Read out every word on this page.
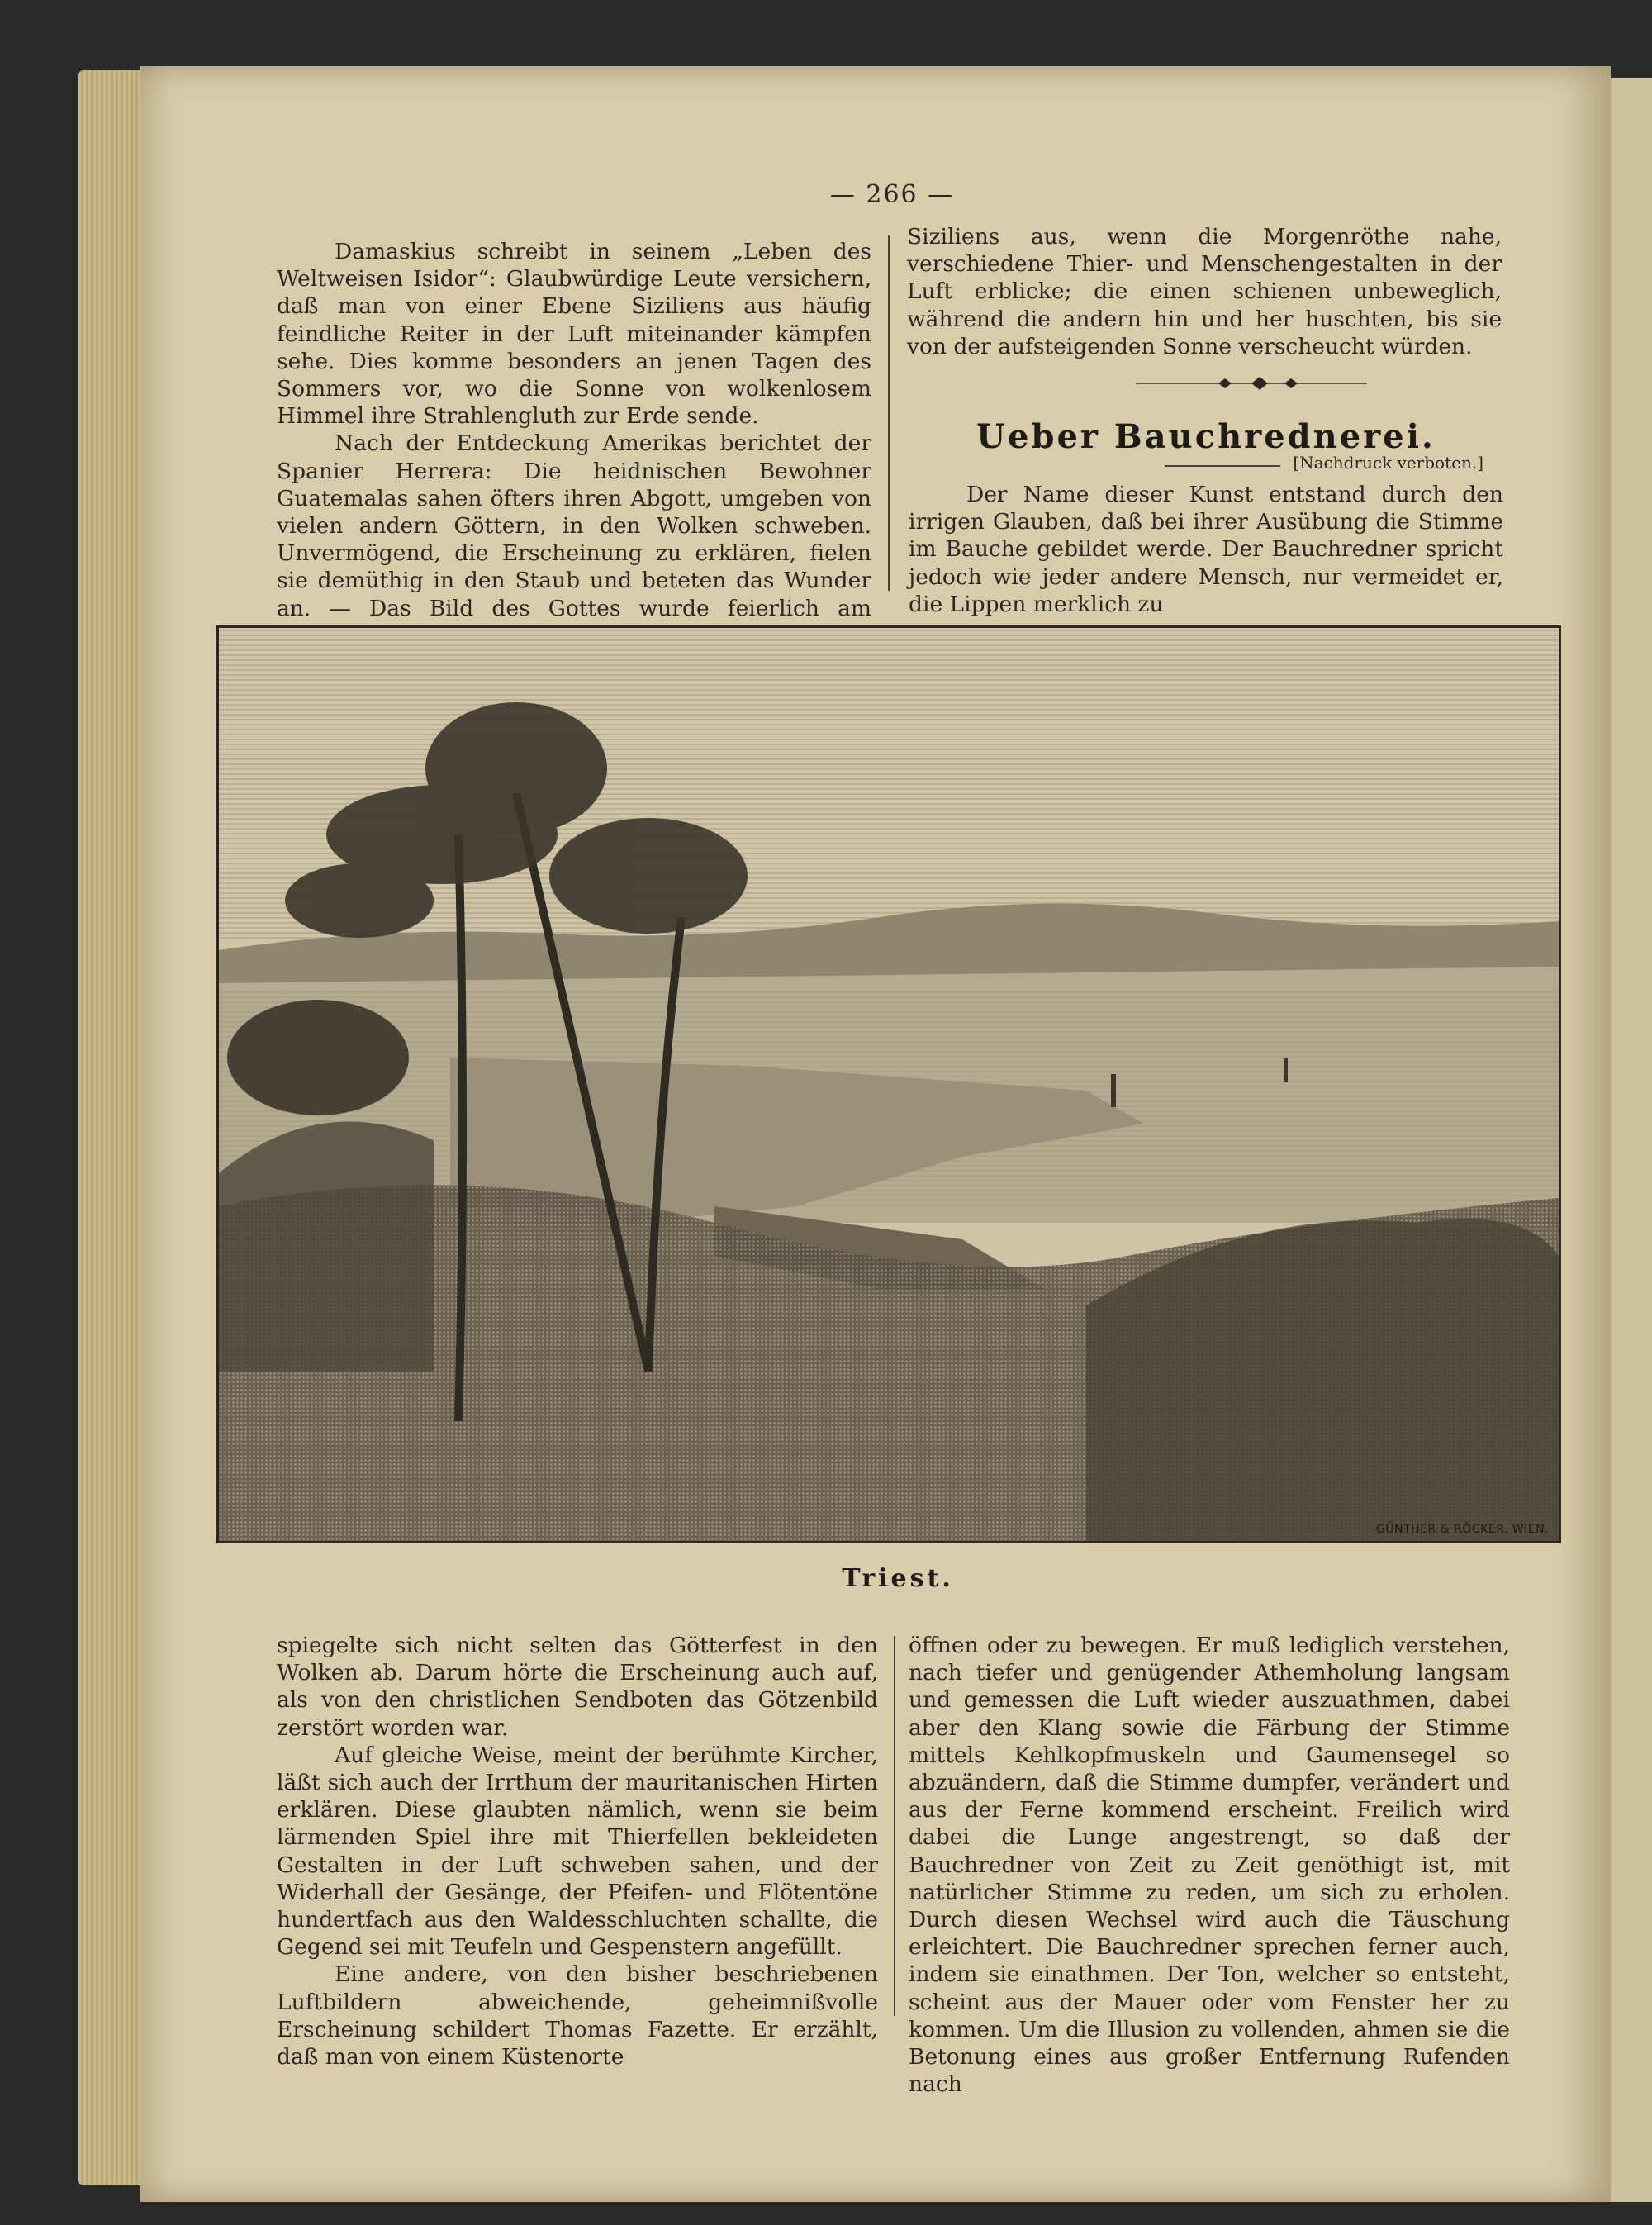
— 266 —

Damaskius schreibt in seinem „Leben des Weltweisen Isidor“: Glaubwürdige Leute versichern, daß man von einer Ebene Siziliens aus häufig feindliche Reiter in der Luft miteinander kämpfen sehe. Dies komme besonders an jenen Tagen des Sommers vor, wo die Sonne von wolkenlosem Himmel ihre Strahlengluth zur Erde sende.

Nach der Entdeckung Amerikas berichtet der Spanier Herrera: Die heidnischen Bewohner Guatemalas sahen öfters ihren Abgott, umgeben von vielen andern Göttern, in den Wolken schweben. Unvermögend, die Erscheinung zu erklären, fielen sie demüthig in den Staub und beteten das Wunder an. — Das Bild des Gottes wurde feierlich am

Siziliens aus, wenn die Morgenröthe nahe, verschiedene Thier- und Menschengestalten in der Luft erblicke; die einen schienen unbeweglich, während die andern hin und her huschten, bis sie von der aufsteigenden Sonne verscheucht würden.

Ueber Bauchrednerei.
[Nachdruck verboten.]

Der Name dieser Kunst entstand durch den irrigen Glauben, daß bei ihrer Ausübung die Stimme im Bauche gebildet werde. Der Bauchredner spricht jedoch wie jeder andere Mensch, nur vermeidet er, die Lippen merklich zu

GÜNTHER & RÖCKER. WIEN.
Triest.

spiegelte sich nicht selten das Götterfest in den Wolken ab. Darum hörte die Erscheinung auch auf, als von den christlichen Sendboten das Götzenbild zerstört worden war.

Auf gleiche Weise, meint der berühmte Kircher, läßt sich auch der Irrthum der mauritanischen Hirten erklären. Diese glaubten nämlich, wenn sie beim lärmenden Spiel ihre mit Thierfellen bekleideten Gestalten in der Luft schweben sahen, und der Widerhall der Gesänge, der Pfeifen- und Flötentöne hundertfach aus den Waldesschluchten schallte, die Gegend sei mit Teufeln und Gespenstern angefüllt.

Eine andere, von den bisher beschriebenen Luftbildern abweichende, geheimnißvolle Erscheinung schildert Thomas Fazette. Er erzählt, daß man von einem Küstenorte

öffnen oder zu bewegen. Er muß lediglich verstehen, nach tiefer und genügender Athemholung langsam und gemessen die Luft wieder auszuathmen, dabei aber den Klang sowie die Färbung der Stimme mittels Kehlkopfmuskeln und Gaumensegel so abzuändern, daß die Stimme dumpfer, verändert und aus der Ferne kommend erscheint. Freilich wird dabei die Lunge angestrengt, so daß der Bauchredner von Zeit zu Zeit genöthigt ist, mit natürlicher Stimme zu reden, um sich zu erholen. Durch diesen Wechsel wird auch die Täuschung erleichtert. Die Bauchredner sprechen ferner auch, indem sie einathmen. Der Ton, welcher so entsteht, scheint aus der Mauer oder vom Fenster her zu kommen. Um die Illusion zu vollenden, ahmen sie die Betonung eines aus großer Entfernung Rufenden nach
